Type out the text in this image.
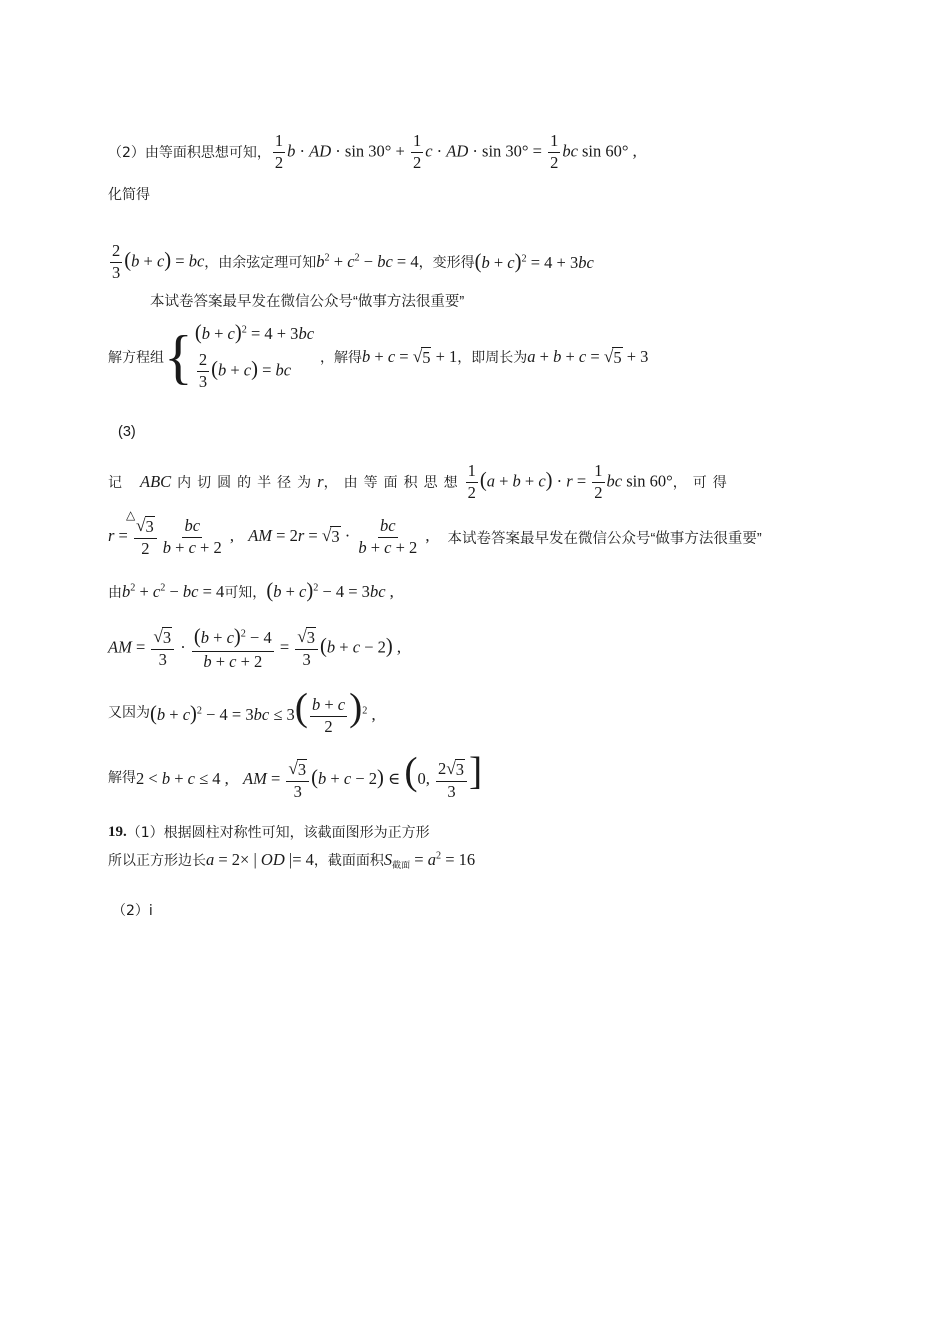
（2） 由等面积思想可知， $\frac{1}{2}$ b · AD · $\sin 30^\circ + \frac{1}{2}$ c · AD · $\sin 30^\circ = \frac{1}{2}$ bc sin 60° ,
化简得
$\frac{2}{3} (b + c)$ = bc ，由余弦定理可知 $b^2 + c^2$ − bc = 4 ，变形得 $(b + c)^2 = 4 + 3bc$
本试卷答案最早发在微信公众号“做事方法很重要”
解方程组 { $(b + c)^2 = 4 + 3bc$
$\frac{2}{3} (b + c)$ = bc
，解得 b + c = √ 5 + 1 ，即周长为 a + b + c = √ 5 + 3
(3)
记 ABC 内切圆的半径为 r ，由等面积思想 $\frac{1}{2} (a + b + c) \cdot r = \frac{1}{2}$ bc sin 60° ，可得
△
$r = \frac{√ 3}{2} \frac{bc}{b + c + 2}$ ,  AM = 2r = √ $3 \cdot \frac{bc}{b + c + 2}$ , 本试卷答案最早发在微信公众号“做事方法很重要”
由 $b^2 + c^2$ − bc = 4 可知， $(b + c)^2 - 4 = 3bc$ ,
AM = $\frac{√ 3}{3} \cdot \frac{(b + c)^2 - 4}{b + c + 2} = \frac{√ 3}{3} (b + c - 2)$ ,
又因为 $(b + c)^2 - 4 = 3bc \le 3( \frac{b + c}{2} )^2$ ,
解得 2 < b + c ≤ 4 ,  AM = $\frac{√ 3}{3} (b + c - 2)$ ∈ (0, $\frac{2 √ 3}{3}$ ]
19 . （1）根据圆柱对称性可知，该截面图形为正方形
所以正方形边长 a = 2× | OD |= 4 ，截面面积 $S_{截面} = a^2 = 16$
（2）i
